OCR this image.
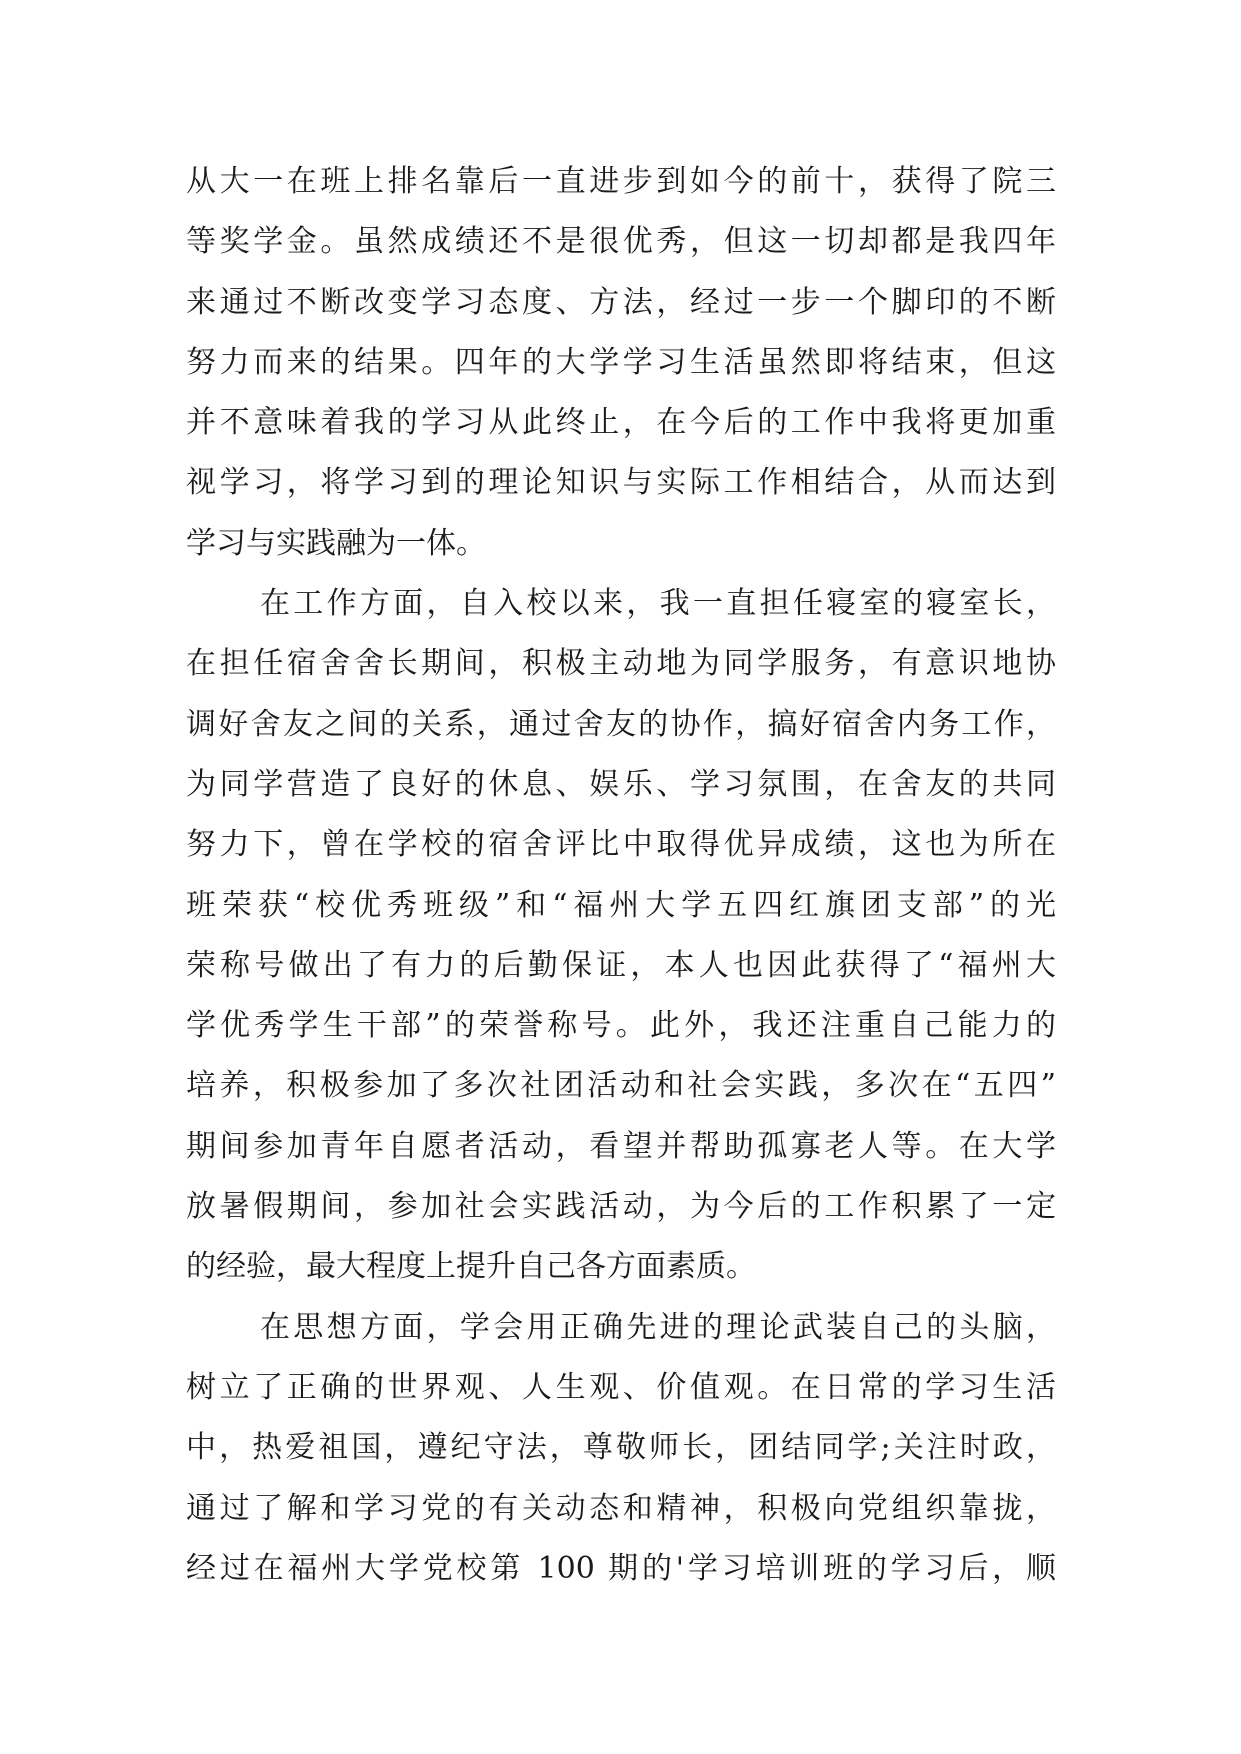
从大一在班上排名靠后一直进步到如今的前十，获得了院三
等奖学金。虽然成绩还不是很优秀，但这一切却都是我四年
来通过不断改变学习态度、方法，经过一步一个脚印的不断
努力而来的结果。四年的大学学习生活虽然即将结束，但这
并不意味着我的学习从此终止，在今后的工作中我将更加重
视学习，将学习到的理论知识与实际工作相结合，从而达到
学习与实践融为一体。
在工作方面，自入校以来，我一直担任寝室的寝室长，
在担任宿舍舍长期间，积极主动地为同学服务，有意识地协
调好舍友之间的关系，通过舍友的协作，搞好宿舍内务工作，
为同学营造了良好的休息、娱乐、学习氛围，在舍友的共同
努力下，曾在学校的宿舍评比中取得优异成绩，这也为所在
班荣获“校优秀班级”和“福州大学五四红旗团支部”的光
荣称号做出了有力的后勤保证，本人也因此获得了“福州大
学优秀学生干部”的荣誉称号。此外，我还注重自己能力的
培养，积极参加了多次社团活动和社会实践，多次在“五四”
期间参加青年自愿者活动，看望并帮助孤寡老人等。在大学
放暑假期间，参加社会实践活动，为今后的工作积累了一定
的经验，最大程度上提升自己各方面素质。
在思想方面，学会用正确先进的理论武装自己的头脑，
树立了正确的世界观、人生观、价值观。在日常的学习生活
中，热爱祖国，遵纪守法，尊敬师长，团结同学;关注时政，
通过了解和学习党的有关动态和精神，积极向党组织靠拢，
经过在福州大学党校第 100 期的'学习培训班的学习后，顺
